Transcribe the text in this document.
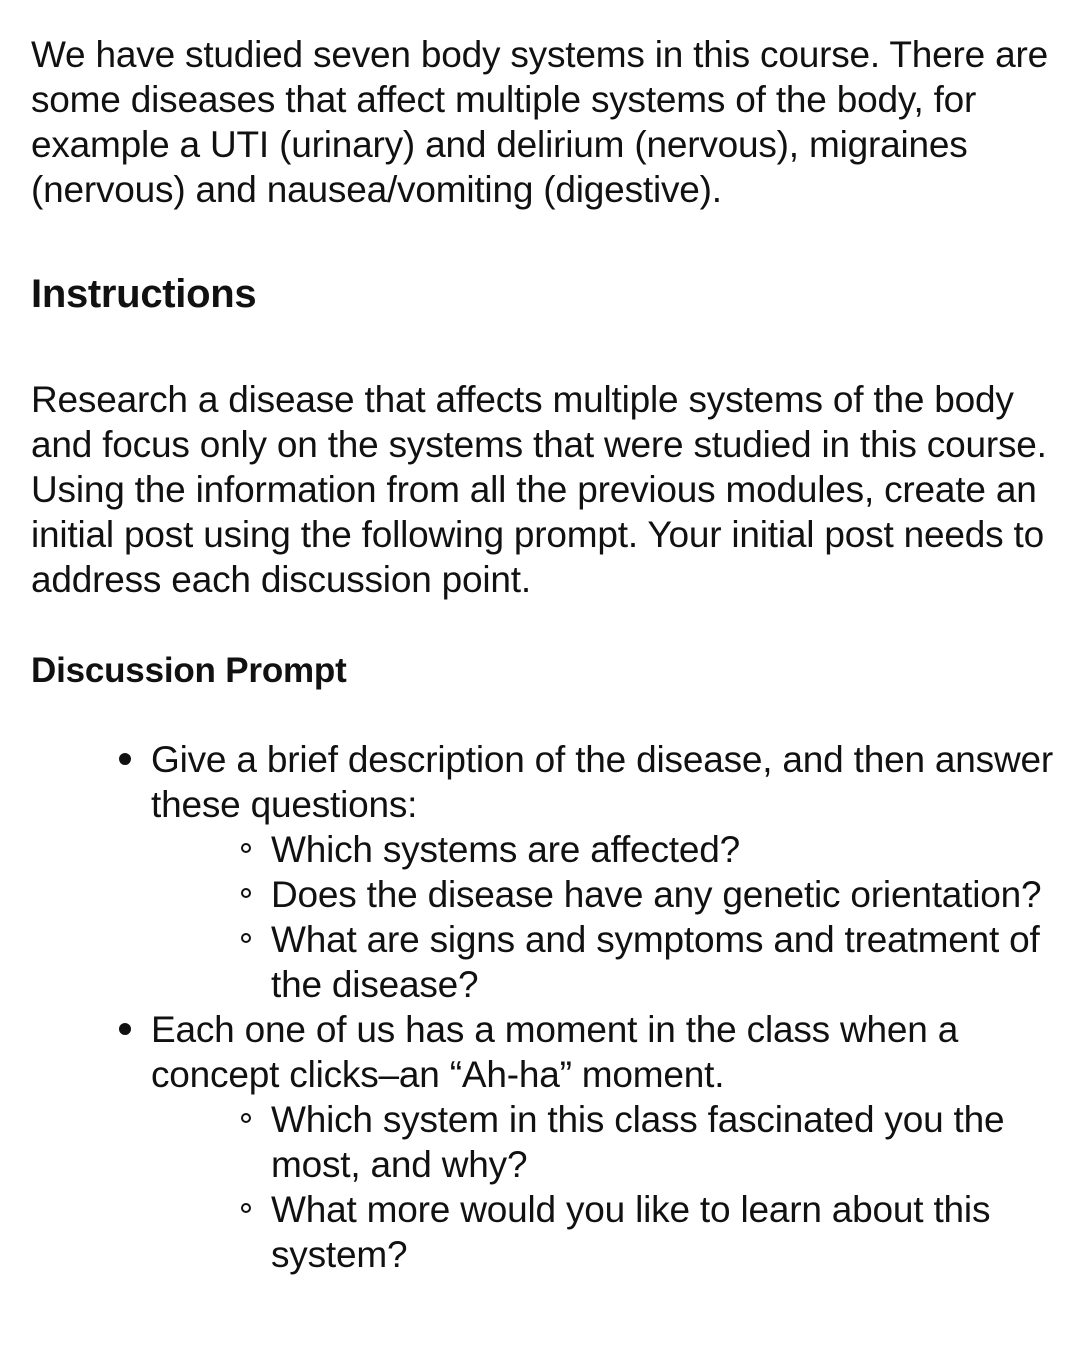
We have studied seven body systems in this course. There are some diseases that affect multiple systems of the body, for example a UTI (urinary) and delirium (nervous), migraines (nervous) and nausea/vomiting (digestive).

Instructions

Research a disease that affects multiple systems of the body and focus only on the systems that were studied in this course. Using the information from all the previous modules, create an initial post using the following prompt. Your initial post needs to address each discussion point.

Discussion Prompt
Give a brief description of the disease, and then answer these questions:
Which systems are affected?
Does the disease have any genetic orientation?
What are signs and symptoms and treatment of the disease?
Each one of us has a moment in the class when a concept clicks–an “Ah-ha” moment.
Which system in this class fascinated you the most, and why?
What more would you like to learn about this system?
